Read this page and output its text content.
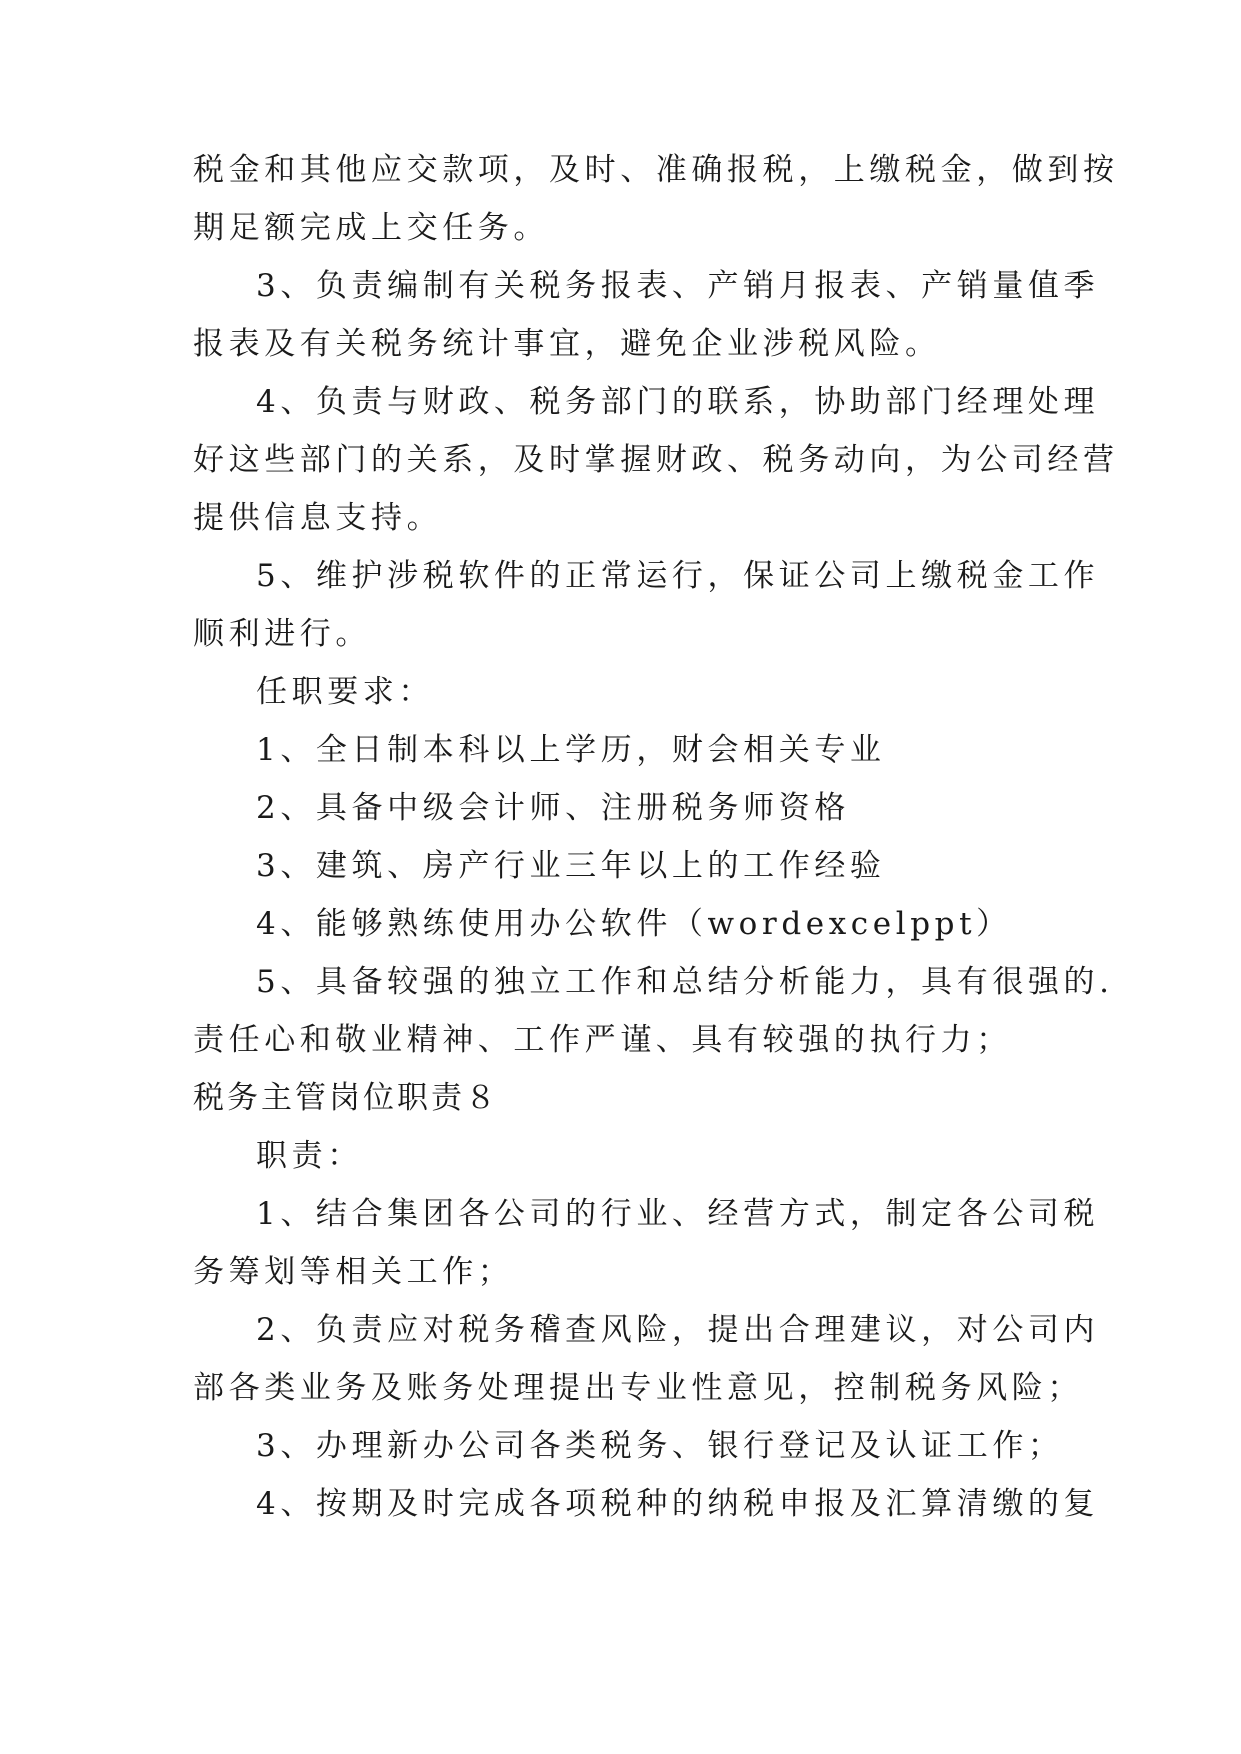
税金和其他应交款项，及时、准确报税，上缴税金，做到按
期足额完成上交任务。
3、负责编制有关税务报表、产销月报表、产销量值季
报表及有关税务统计事宜，避免企业涉税风险。
4、负责与财政、税务部门的联系，协助部门经理处理
好这些部门的关系，及时掌握财政、税务动向，为公司经营
提供信息支持。
5、维护涉税软件的正常运行，保证公司上缴税金工作
顺利进行。
任职要求：
1、全日制本科以上学历，财会相关专业
2、具备中级会计师、注册税务师资格
3、建筑、房产行业三年以上的工作经验
4、能够熟练使用办公软件（wordexcelppt）
5、具备较强的独立工作和总结分析能力，具有很强的.
责任心和敬业精神、工作严谨、具有较强的执行力；
税务主管岗位职责８
职责：
1、结合集团各公司的行业、经营方式，制定各公司税
务筹划等相关工作；
2、负责应对税务稽查风险，提出合理建议，对公司内
部各类业务及账务处理提出专业性意见，控制税务风险；
3、办理新办公司各类税务、银行登记及认证工作；
4、按期及时完成各项税种的纳税申报及汇算清缴的复
